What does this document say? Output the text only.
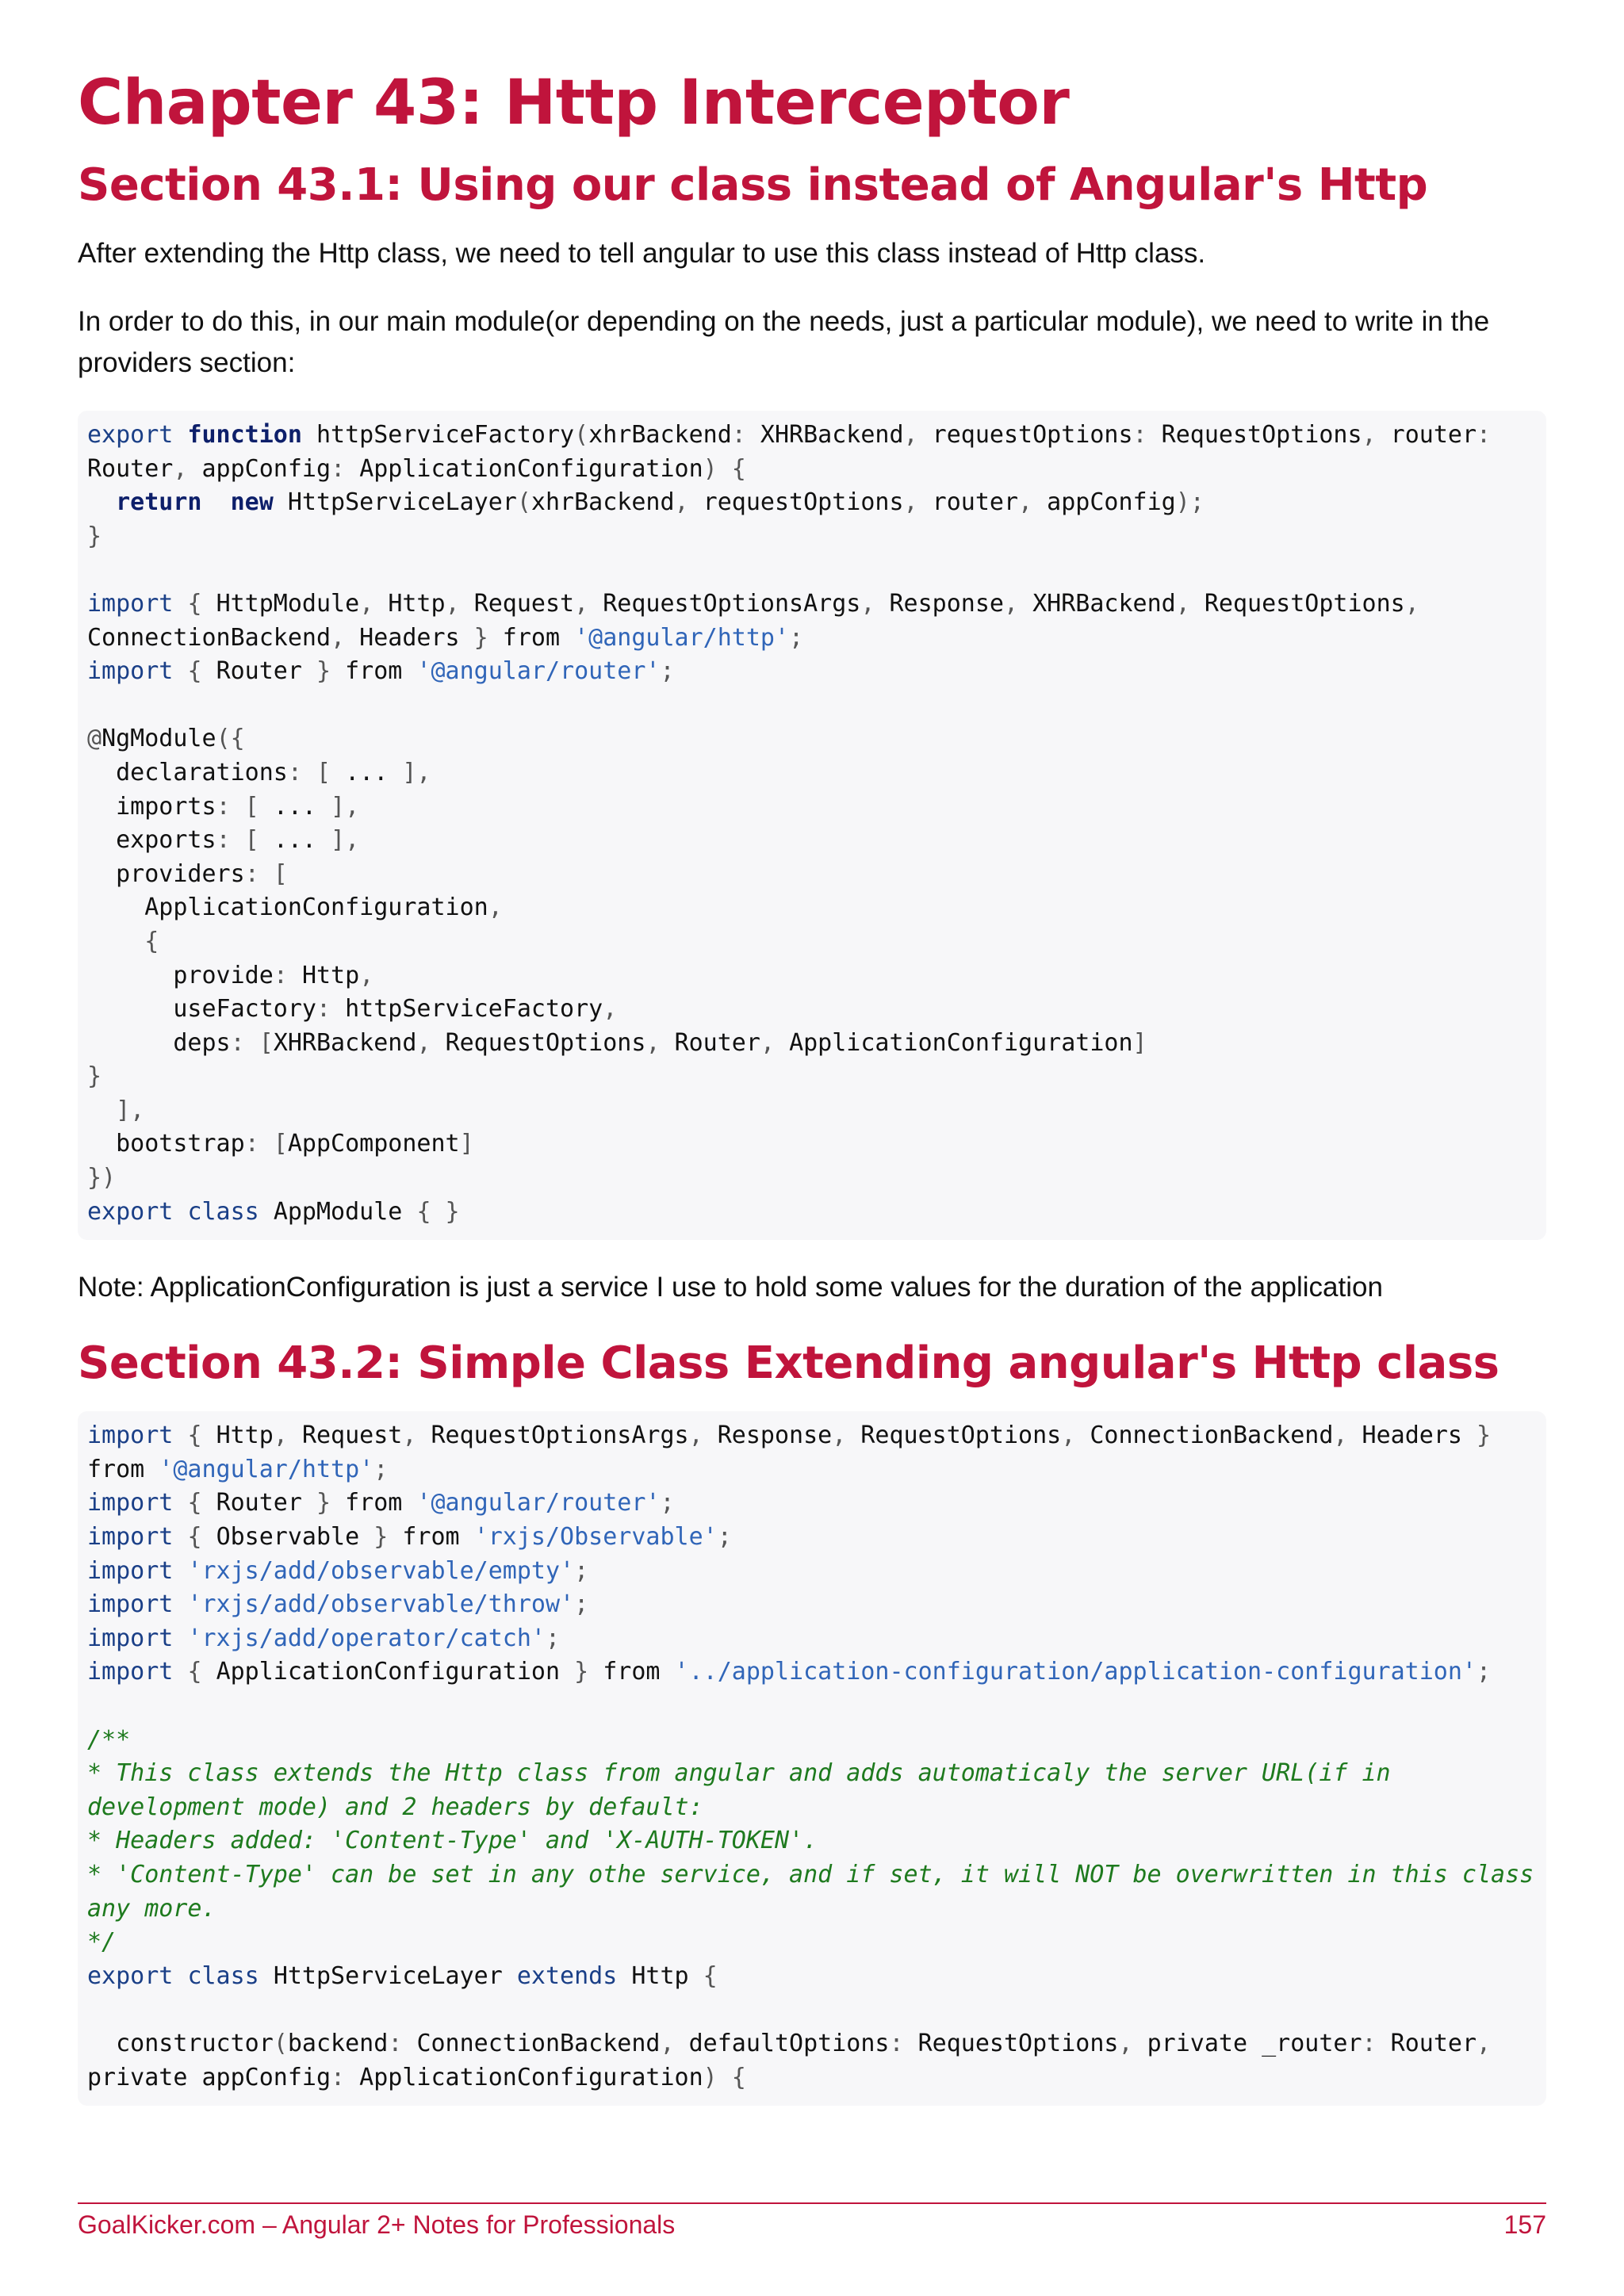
Chapter 43: Http Interceptor
Section 43.1: Using our class instead of Angular's Http

After extending the Http class, we need to tell angular to use this class instead of Http class.

In order to do this, in our main module(or depending on the needs, just a particular module), we need to write in the providers section:

export function httpServiceFactory(xhrBackend: XHRBackend, requestOptions: RequestOptions, router:
Router, appConfig: ApplicationConfiguration) {
return  new HttpServiceLayer(xhrBackend, requestOptions, router, appConfig);
}

import { HttpModule, Http, Request, RequestOptionsArgs, Response, XHRBackend, RequestOptions,
ConnectionBackend, Headers } from '@angular/http';
import { Router } from '@angular/router';

@NgModule({
declarations: [ ... ],
imports: [ ... ],
exports: [ ... ],
providers: [
ApplicationConfiguration,
{
provide: Http,
useFactory: httpServiceFactory,
deps: [XHRBackend, RequestOptions, Router, ApplicationConfiguration]
}
],
bootstrap: [AppComponent]
})
export class AppModule { }

Note: ApplicationConfiguration is just a service I use to hold some values for the duration of the application

Section 43.2: Simple Class Extending angular's Http class
import { Http, Request, RequestOptionsArgs, Response, RequestOptions, ConnectionBackend, Headers }
from '@angular/http';
import { Router } from '@angular/router';
import { Observable } from 'rxjs/Observable';
import 'rxjs/add/observable/empty';
import 'rxjs/add/observable/throw';
import 'rxjs/add/operator/catch';
import { ApplicationConfiguration } from '../application-configuration/application-configuration';

/**
* This class extends the Http class from angular and adds automaticaly the server URL(if in
development mode) and 2 headers by default:
* Headers added: 'Content-Type' and 'X-AUTH-TOKEN'.
* 'Content-Type' can be set in any othe service, and if set, it will NOT be overwritten in this class
any more.
*/
export class HttpServiceLayer extends Http {

constructor(backend: ConnectionBackend, defaultOptions: RequestOptions, private _router: Router,
private appConfig: ApplicationConfiguration) {
GoalKicker.com – Angular 2+ Notes for Professionals	157
